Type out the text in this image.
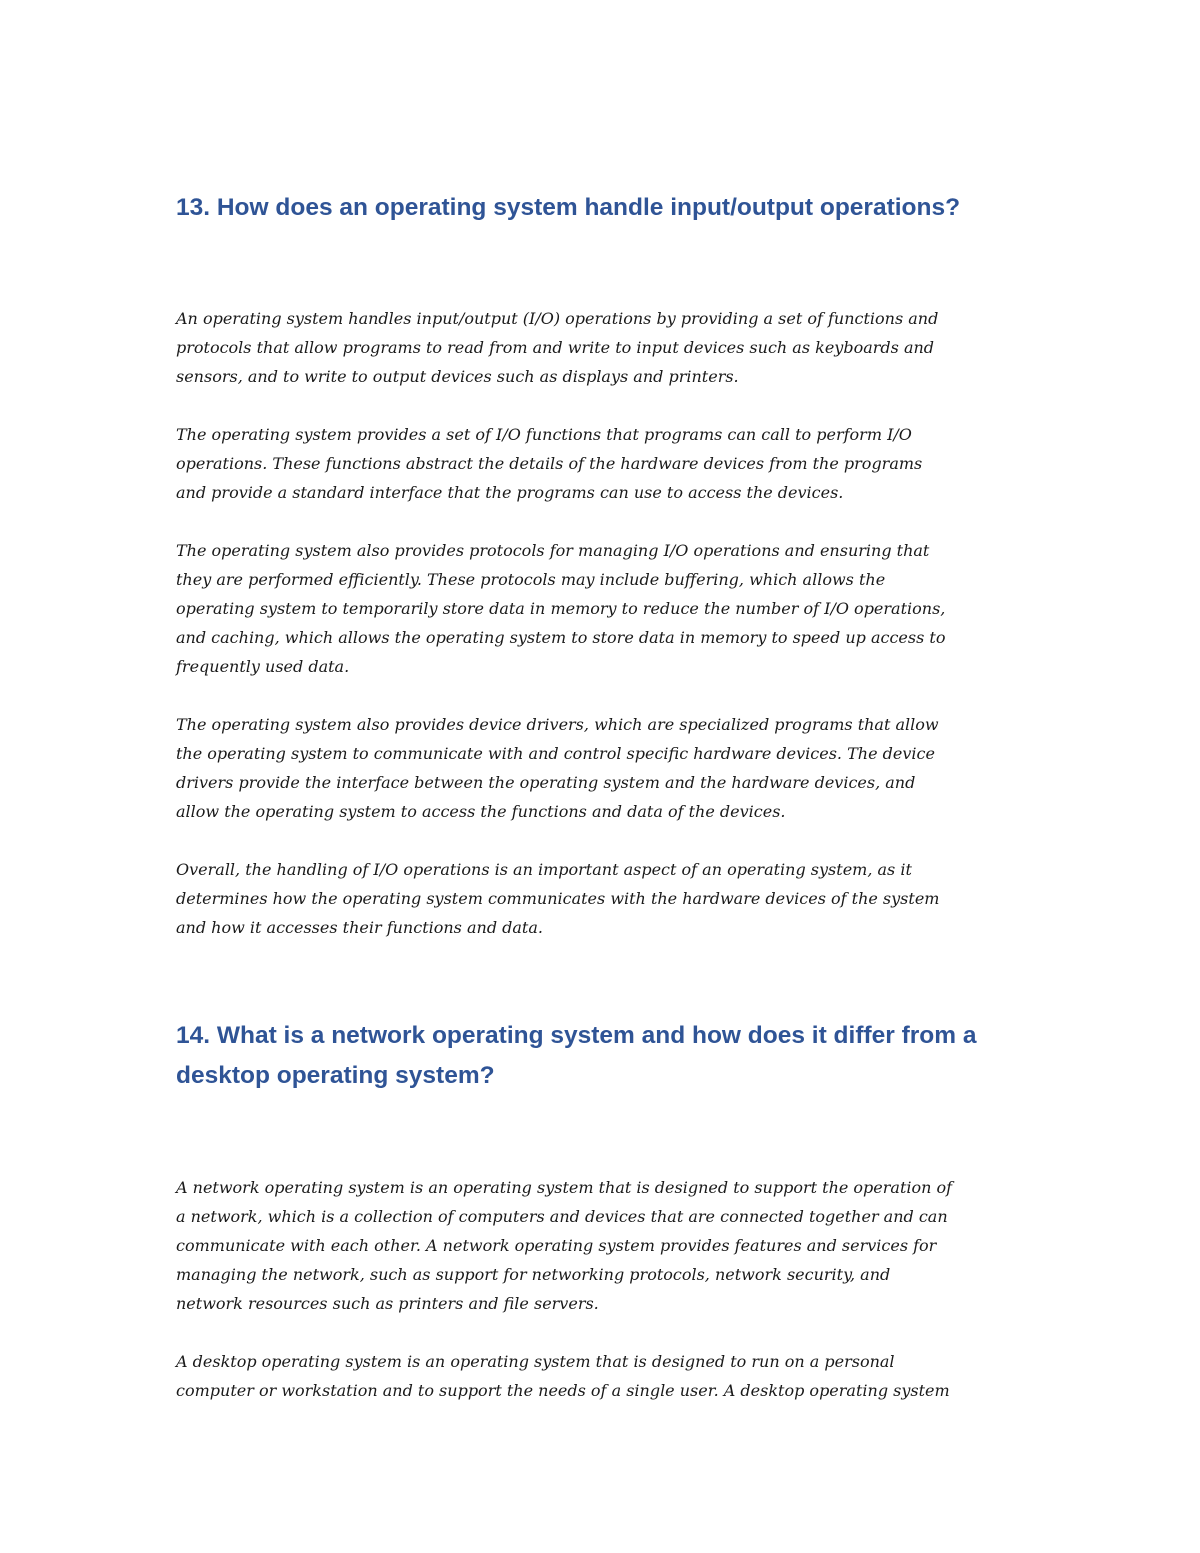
13. How does an operating system handle input/output operations?

An operating system handles input/output (I/O) operations by providing a set of functions and
protocols that allow programs to read from and write to input devices such as keyboards and
sensors, and to write to output devices such as displays and printers.

The operating system provides a set of I/O functions that programs can call to perform I/O
operations. These functions abstract the details of the hardware devices from the programs
and provide a standard interface that the programs can use to access the devices.

The operating system also provides protocols for managing I/O operations and ensuring that
they are performed efficiently. These protocols may include buffering, which allows the
operating system to temporarily store data in memory to reduce the number of I/O operations,
and caching, which allows the operating system to store data in memory to speed up access to
frequently used data.

The operating system also provides device drivers, which are specialized programs that allow
the operating system to communicate with and control specific hardware devices. The device
drivers provide the interface between the operating system and the hardware devices, and
allow the operating system to access the functions and data of the devices.

Overall, the handling of I/O operations is an important aspect of an operating system, as it
determines how the operating system communicates with the hardware devices of the system
and how it accesses their functions and data.

14. What is a network operating system and how does it differ from a
desktop operating system?

A network operating system is an operating system that is designed to support the operation of
a network, which is a collection of computers and devices that are connected together and can
communicate with each other. A network operating system provides features and services for
managing the network, such as support for networking protocols, network security, and
network resources such as printers and file servers.

A desktop operating system is an operating system that is designed to run on a personal
computer or workstation and to support the needs of a single user. A desktop operating system
